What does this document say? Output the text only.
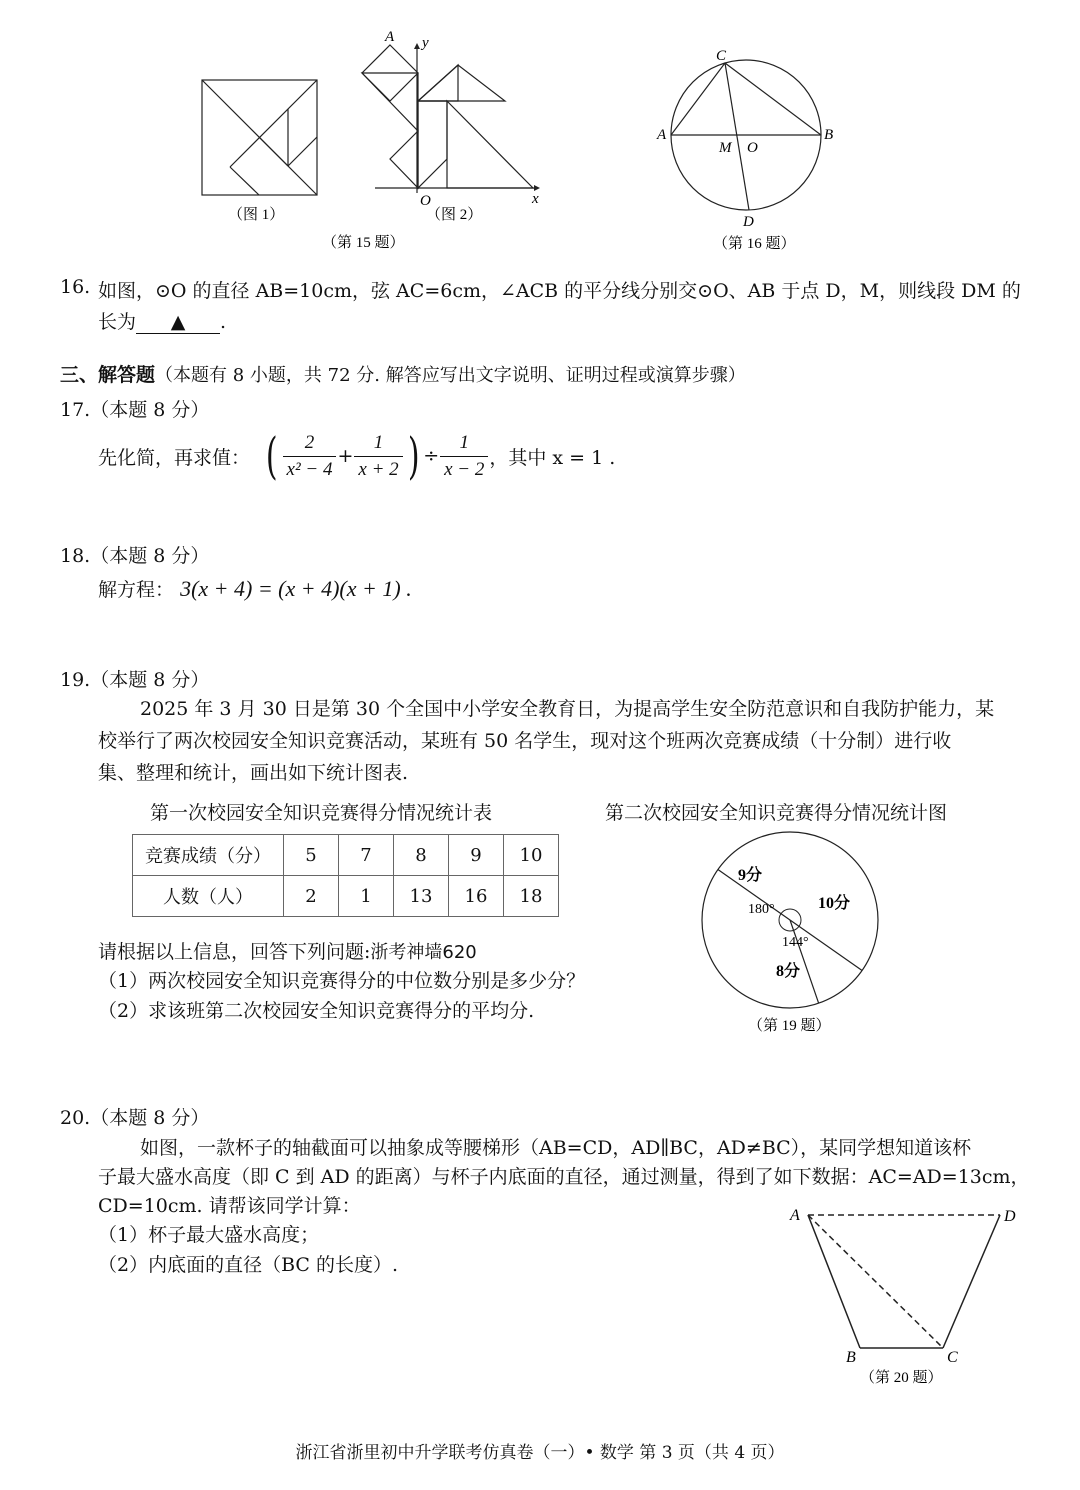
（图 1）
A y
O	x
（图 2）
（第 15 题）
C
A	B
M O
D
（第 16 题）
16. 如图，⊙O 的直径 AB=10cm，弦 AC=6cm，∠ACB 的平分线分别交⊙O、AB 于点 D，M，则线段 DM 的
长为 ▲ .
三、解答题（本题有 8 小题，共 72 分. 解答应写出文字说明、证明过程或演算步骤）
17.（本题 8 分）
先化简，再求值： ( $\frac{2}{\text{x² − 4}} + \frac{1}{x + 2}$ ) ÷ $\frac{1}{x - 2}$ ，其中 x = 1 .
18.（本题 8 分）
解方程： 3(x + 4) = (x + 4)(x + 1) .
19.（本题 8 分）
2025 年 3 月 30 日是第 30 个全国中小学安全教育日，为提高学生安全防范意识和自我防护能力，某
校举行了两次校园安全知识竞赛活动，某班有 50 名学生，现对这个班两次竞赛成绩（十分制）进行收
集、整理和统计，画出如下统计图表.
第一次校园安全知识竞赛得分情况统计表
竞赛成绩（分）	5	7	8	9	10
人数（人）	2	1	13	16	18
请根据以上信息，回答下列问题:浙考神墙620
（1）两次校园安全知识竞赛得分的中位数分别是多少分？
（2）求该班第二次校园安全知识竞赛得分的平均分.
第二次校园安全知识竞赛得分情况统计图
9分
10分
8分
180°
144°
（第 19 题）
20.（本题 8 分）
如图，一款杯子的轴截面可以抽象成等腰梯形（AB=CD，AD∥BC，AD≠BC），某同学想知道该杯
子最大盛水高度（即 C 到 AD 的距离）与杯子内底面的直径，通过测量，得到了如下数据：AC=AD=13cm，
CD=10cm. 请帮该同学计算：
（1）杯子最大盛水高度；
（2）内底面的直径（BC 的长度）.
A	D
B	C
（第 20 题）
浙江省浙里初中升学联考仿真卷（一）• 数学 第 3 页（共 4 页）
